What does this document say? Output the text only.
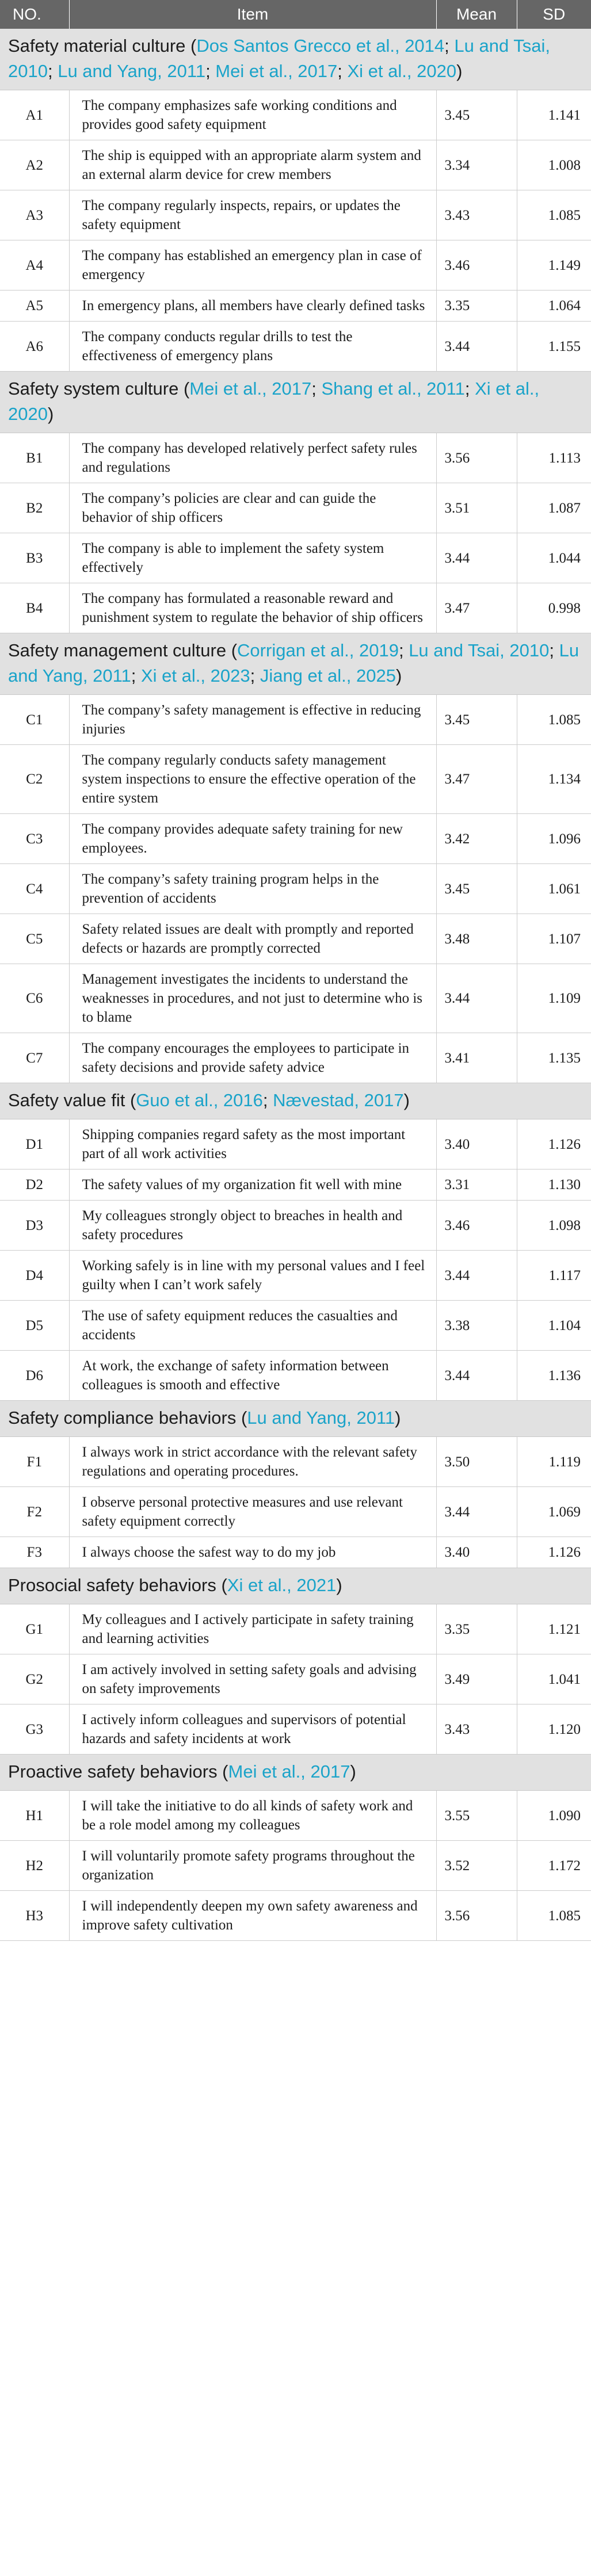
NO.	Item	Mean	SD
Safety material culture (Dos Santos Grecco et al., 2014; Lu and Tsai, 2010; Lu and Yang, 2011; Mei et al., 2017; Xi et al., 2020)			
A1	The company emphasizes safe working conditions and provides good safety equipment	3.45	1.141
A2	The ship is equipped with an appropriate alarm system and an external alarm device for crew members	3.34	1.008
A3	The company regularly inspects, repairs, or updates the safety equipment	3.43	1.085
A4	The company has established an emergency plan in case of emergency	3.46	1.149
A5	In emergency plans, all members have clearly defined tasks	3.35	1.064
A6	The company conducts regular drills to test the effectiveness of emergency plans	3.44	1.155
Safety system culture (Mei et al., 2017; Shang et al., 2011; Xi et al., 2020)			
B1	The company has developed relatively perfect safety rules and regulations	3.56	1.113
B2	The company’s policies are clear and can guide the behavior of ship officers	3.51	1.087
B3	The company is able to implement the safety system effectively	3.44	1.044
B4	The company has formulated a reasonable reward and punishment system to regulate the behavior of ship officers	3.47	0.998
Safety management culture (Corrigan et al., 2019; Lu and Tsai, 2010; Lu and Yang, 2011; Xi et al., 2023; Jiang et al., 2025)			
C1	The company’s safety management is effective in reducing injuries	3.45	1.085
C2	The company regularly conducts safety management system inspections to ensure the effective operation of the entire system	3.47	1.134
C3	The company provides adequate safety training for new employees.	3.42	1.096
C4	The company’s safety training program helps in the prevention of accidents	3.45	1.061
C5	Safety related issues are dealt with promptly and reported defects or hazards are promptly corrected	3.48	1.107
C6	Management investigates the incidents to understand the weaknesses in procedures, and not just to determine who is to blame	3.44	1.109
C7	The company encourages the employees to participate in safety decisions and provide safety advice	3.41	1.135
Safety value fit (Guo et al., 2016; Nævestad, 2017)			
D1	Shipping companies regard safety as the most important part of all work activities	3.40	1.126
D2	The safety values of my organization fit well with mine	3.31	1.130
D3	My colleagues strongly object to breaches in health and safety procedures	3.46	1.098
D4	Working safely is in line with my personal values and I feel guilty when I can’t work safely	3.44	1.117
D5	The use of safety equipment reduces the casualties and accidents	3.38	1.104
D6	At work, the exchange of safety information between colleagues is smooth and effective	3.44	1.136
Safety compliance behaviors (Lu and Yang, 2011)			
F1	I always work in strict accordance with the relevant safety regulations and operating procedures.	3.50	1.119
F2	I observe personal protective measures and use relevant safety equipment correctly	3.44	1.069
F3	I always choose the safest way to do my job	3.40	1.126
Prosocial safety behaviors (Xi et al., 2021)			
G1	My colleagues and I actively participate in safety training and learning activities	3.35	1.121
G2	I am actively involved in setting safety goals and advising on safety improvements	3.49	1.041
G3	I actively inform colleagues and supervisors of potential hazards and safety incidents at work	3.43	1.120
Proactive safety behaviors (Mei et al., 2017)			
H1	I will take the initiative to do all kinds of safety work and be a role model among my colleagues	3.55	1.090
H2	I will voluntarily promote safety programs throughout the organization	3.52	1.172
H3	I will independently deepen my own safety awareness and improve safety cultivation	3.56	1.085
